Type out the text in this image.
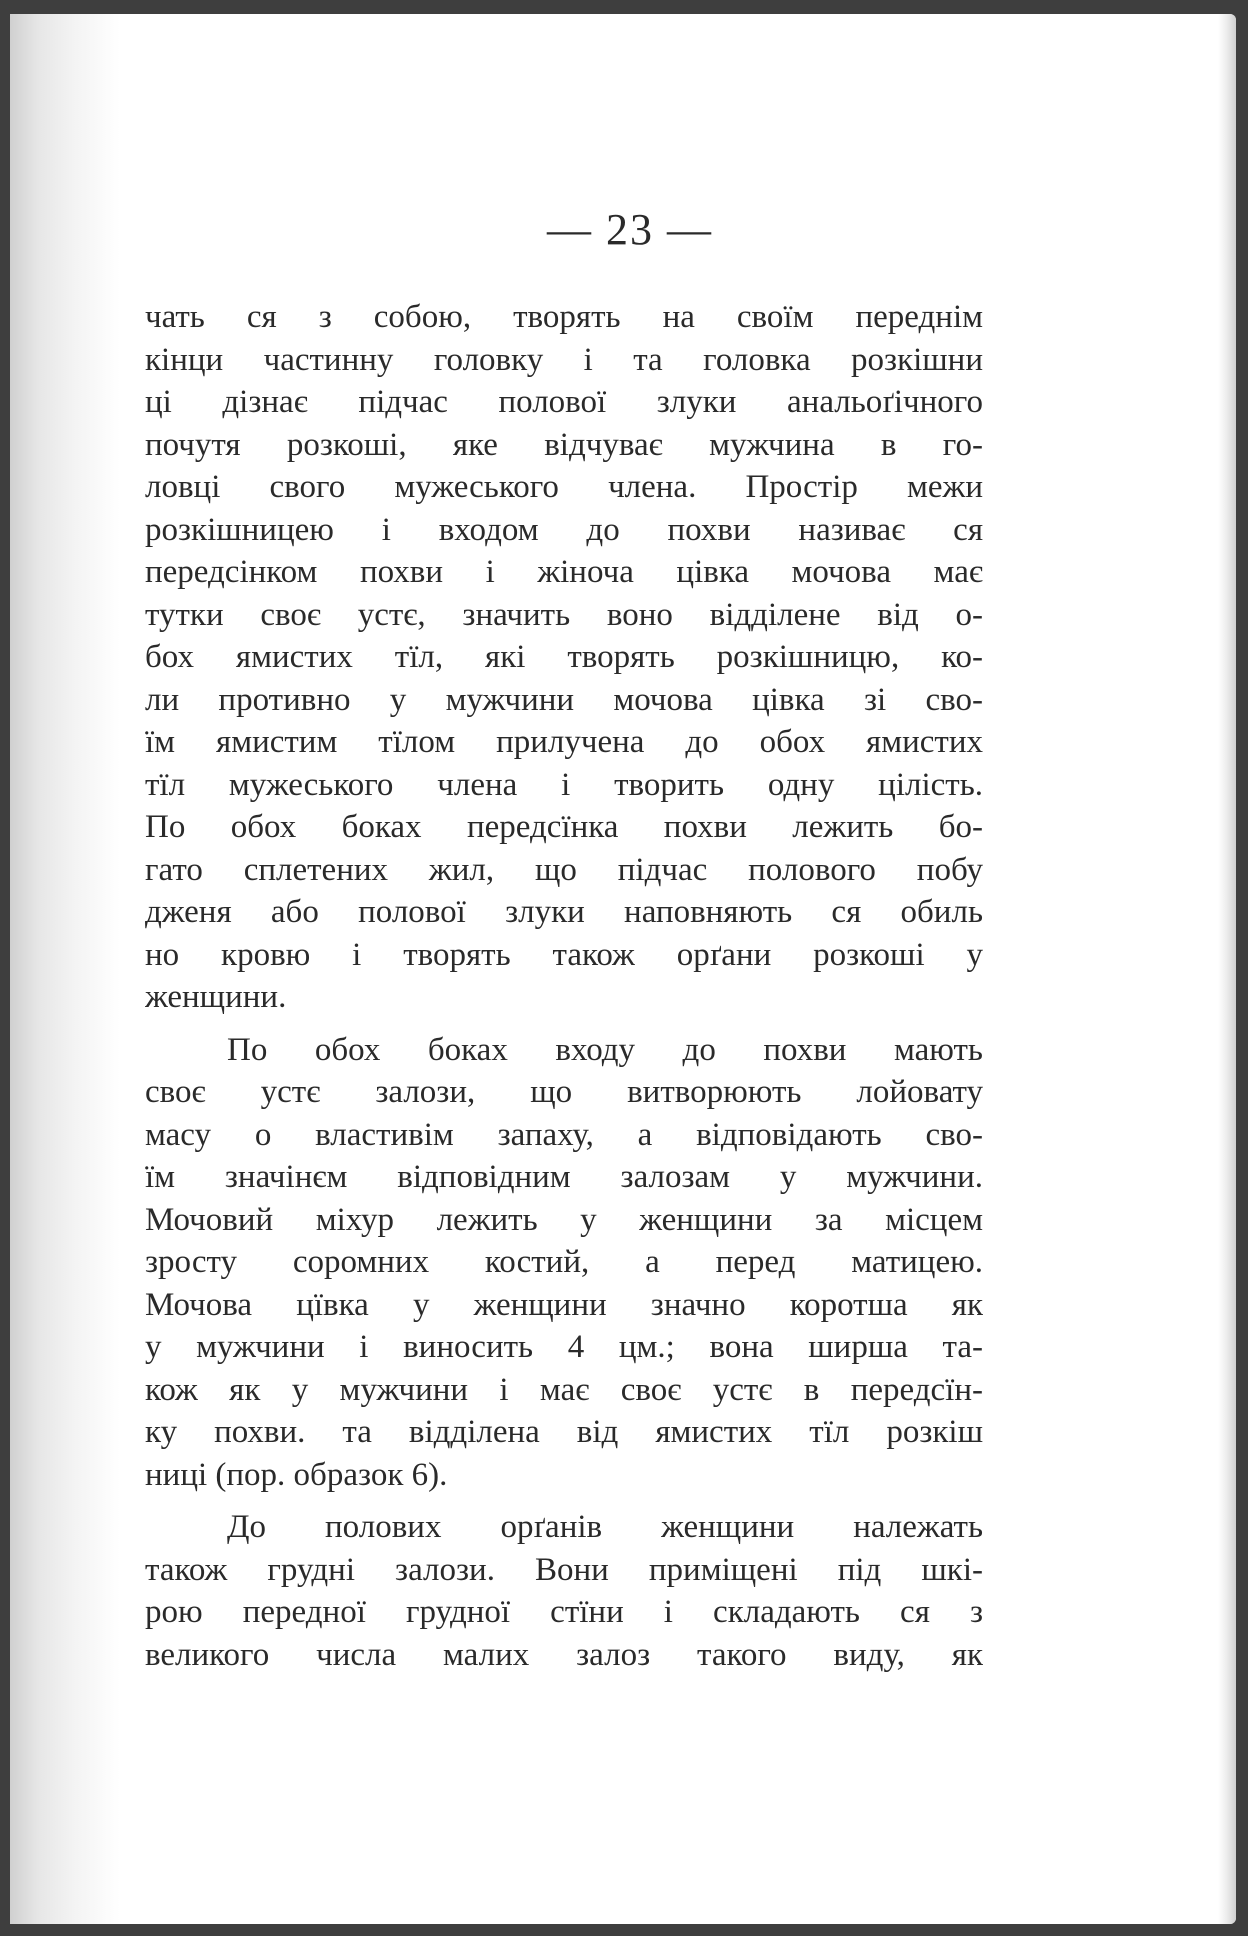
— 23 —
чать ся з собою, творять на своїм переднім
кінци частинну головку і та головка розкішни
ці дізнає підчас полової злуки анальоґічного
почутя розкоші, яке відчуває мужчина в го-
ловці свого мужеського члена. Простір межи
розкішницею і входом до похви називає ся
передсінком похви і жіноча цівка мочова має
тутки своє устє, значить воно відділене від о-
бох ямистих тїл, які творять розкішницю, ко-
ли противно у мужчини мочова цівка зі сво-
їм ямистим тїлом прилучена до обох ямистих
тїл мужеського члена і творить одну цілість.
По обох боках передсїнка похви лежить бо-
гато сплетених жил, що підчас полового побу
дженя або полової злуки наповняють ся обиль
но кровю і творять також орґани розкоші у
женщини.
По обох боках входу до похви мають
своє устє залози, що витворюють лойовату
масу о властивім запаху, а відповідають сво-
їм значінєм відповідним залозам у мужчини.
Мочовий міхур лежить у женщини за місцем
зросту соромних костий, а перед матицею.
Мочова цївка у женщини значно коротша як
у мужчини і виносить 4 цм.; вона ширша та-
кож як у мужчини і має своє устє в передсїн-
ку похви. та відділена від ямистих тїл розкіш
ниці (пор. образок 6).
До полових орґанів женщини належать
також грудні залози. Вони приміщені під шкі-
рою передної грудної стїни і складають ся з
великого числа малих залоз такого виду, як
